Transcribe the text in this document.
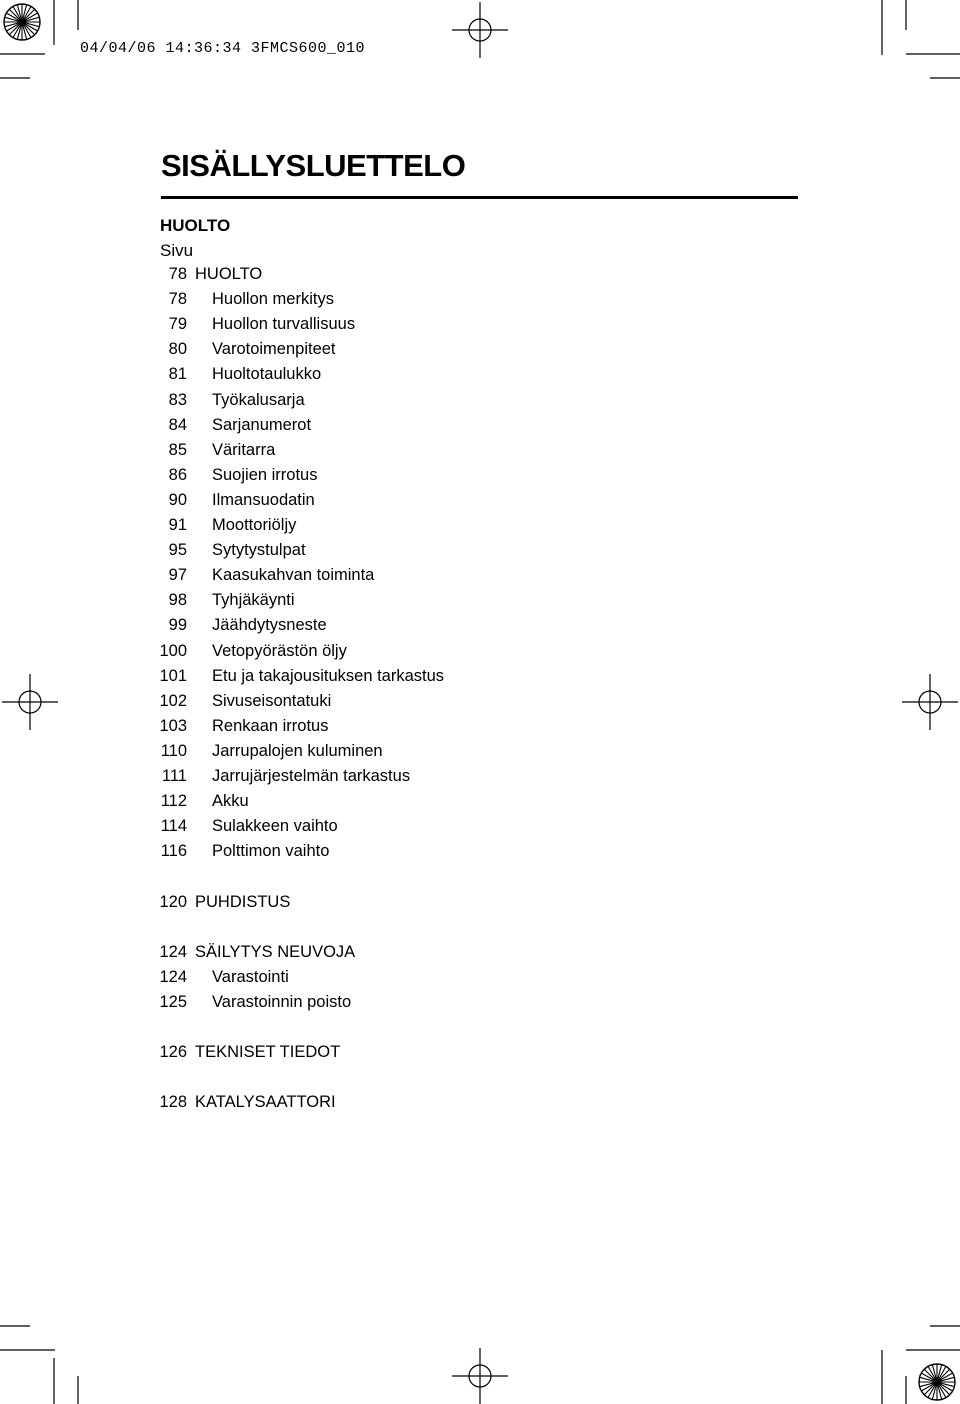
04/04/06 14:36:34 3FMCS600_010
SISÄLLYSLUETTELO
HUOLTO
Sivu
78 HUOLTO
78 Huollon merkitys
79 Huollon turvallisuus
80 Varotoimenpiteet
81 Huoltotaulukko
83 Työkalusarja
84 Sarjanumerot
85 Väritarra
86 Suojien irrotus
90 Ilmansuodatin
91 Moottoriöljy
95 Sytytystulpat
97 Kaasukahvan toiminta
98 Tyhjäkäynti
99 Jäähdytysneste
100 Vetopyörästön öljy
101 Etu ja takajousituksen tarkastus
102 Sivuseisontatuki
103 Renkaan irrotus
110 Jarrupalojen kuluminen
111 Jarrujärjestelmän tarkastus
112 Akku
114 Sulakkeen vaihto
116 Polttimon vaihto
120 PUHDISTUS
124 SÄILYTYS NEUVOJA
124 Varastointi
125 Varastoinnin poisto
126 TEKNISET TIEDOT
128 KATALYSAATTORI
